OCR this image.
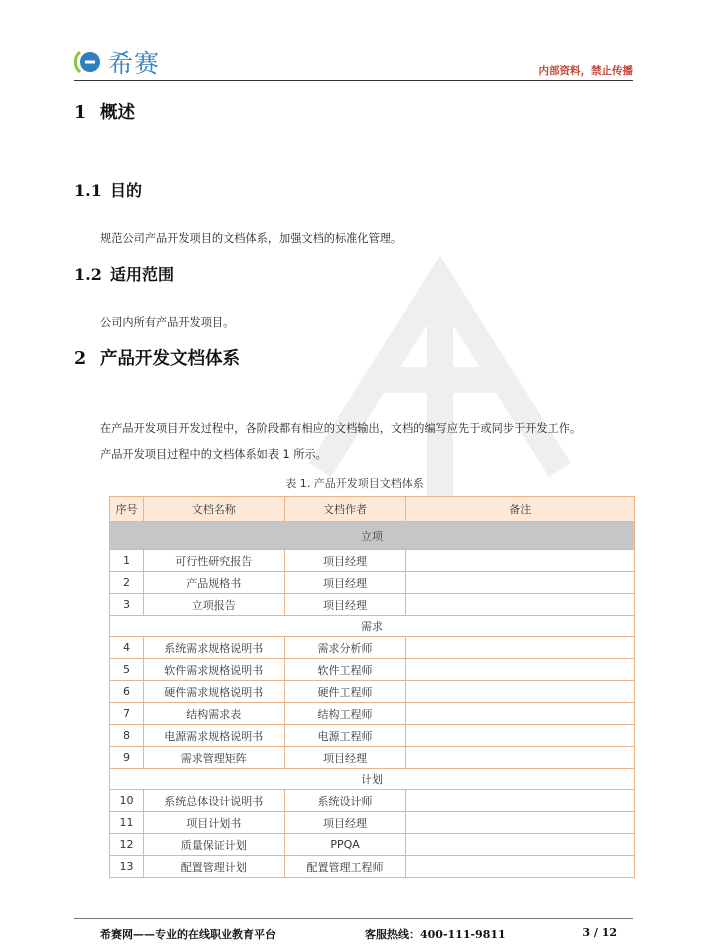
希赛	内部资料，禁止传播
1 概述
1.1 目的

规范公司产品开发项目的文档体系，加强文档的标准化管理。

1.2 适用范围

公司内所有产品开发项目。

2 产品开发文档体系

在产品开发项目开发过程中，各阶段都有相应的文档输出，文档的编写应先于或同步于开发工作。

产品开发项目过程中的文档体系如表 1 所示。

表 1. 产品开发项目文档体系
序号	文档名称	文档作者	备注
立项			
1	可行性研究报告	项目经理	
2	产品规格书	项目经理	
3	立项报告	项目经理	
需求			
4	系统需求规格说明书	需求分析师	
5	软件需求规格说明书	软件工程师	
6	硬件需求规格说明书	硬件工程师	
7	结构需求表	结构工程师	
8	电源需求规格说明书	电源工程师	
9	需求管理矩阵	项目经理	
计划			
10	系统总体设计说明书	系统设计师	
11	项目计划书	项目经理	
12	质量保证计划	PPQA	
13	配置管理计划	配置管理工程师	
希赛网——专业的在线职业教育平台	客服热线：400-111-9811	3 / 12
